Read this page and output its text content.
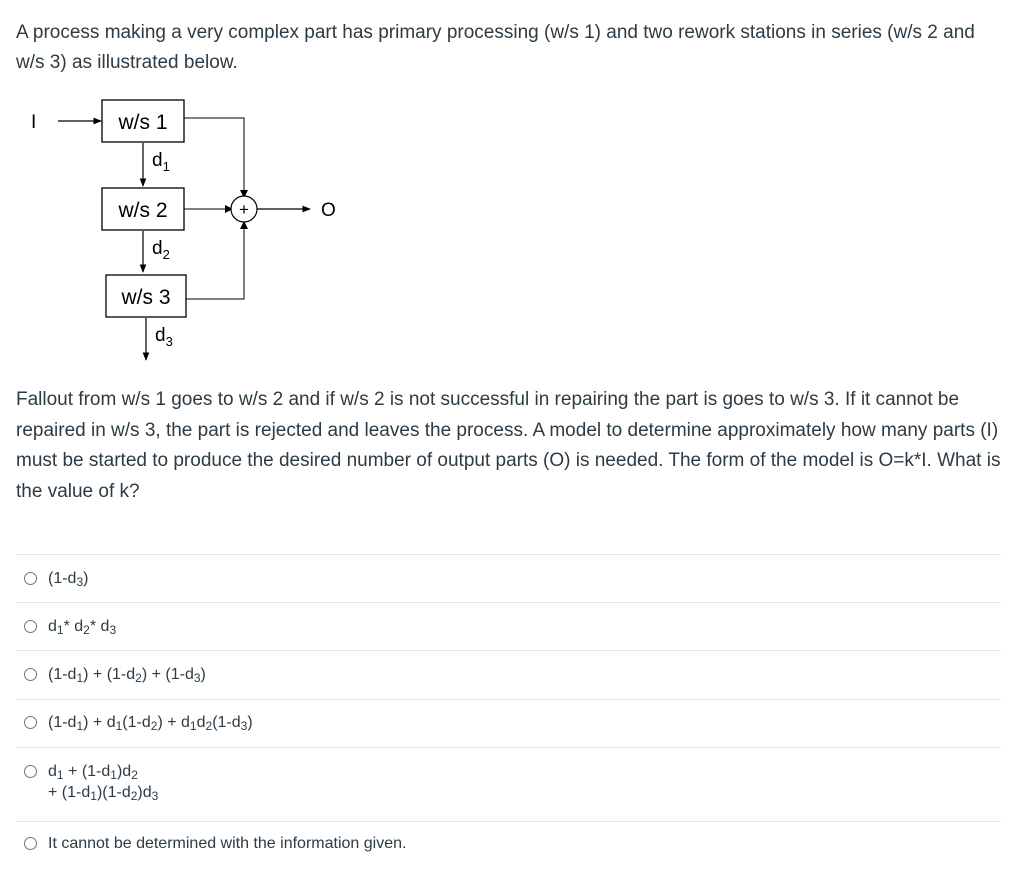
A process making a very complex part has primary processing (w/s 1) and two rework stations in series (w/s 2 and w/s 3) as illustrated below.

I	w/s 1
$d_1$
w/s 2
$d_2$
w/s 3
$d_3$
+	O

Fallout from w/s 1 goes to w/s 2 and if w/s 2 is not successful in repairing the part is goes to w/s 3. If it cannot be repaired in w/s 3, the part is rejected and leaves the process. A model to determine approximately how many parts (I) must be started to produce the desired number of output parts (O) is needed. The form of the model is O=k*I. What is the value of k?

$(1-d_3)$
$d_1*$ $d_2*$ $d_3$
$(1-d_1) + (1-d_2) + (1-d_3)$
$(1-d_1) + d_1(1-d_2) + d_1d_2(1-d_3)$
$d_1 + (1-d_1)d_2$
+ $(1-d_1)(1-d_2)d_3$
It cannot be determined with the information given.
